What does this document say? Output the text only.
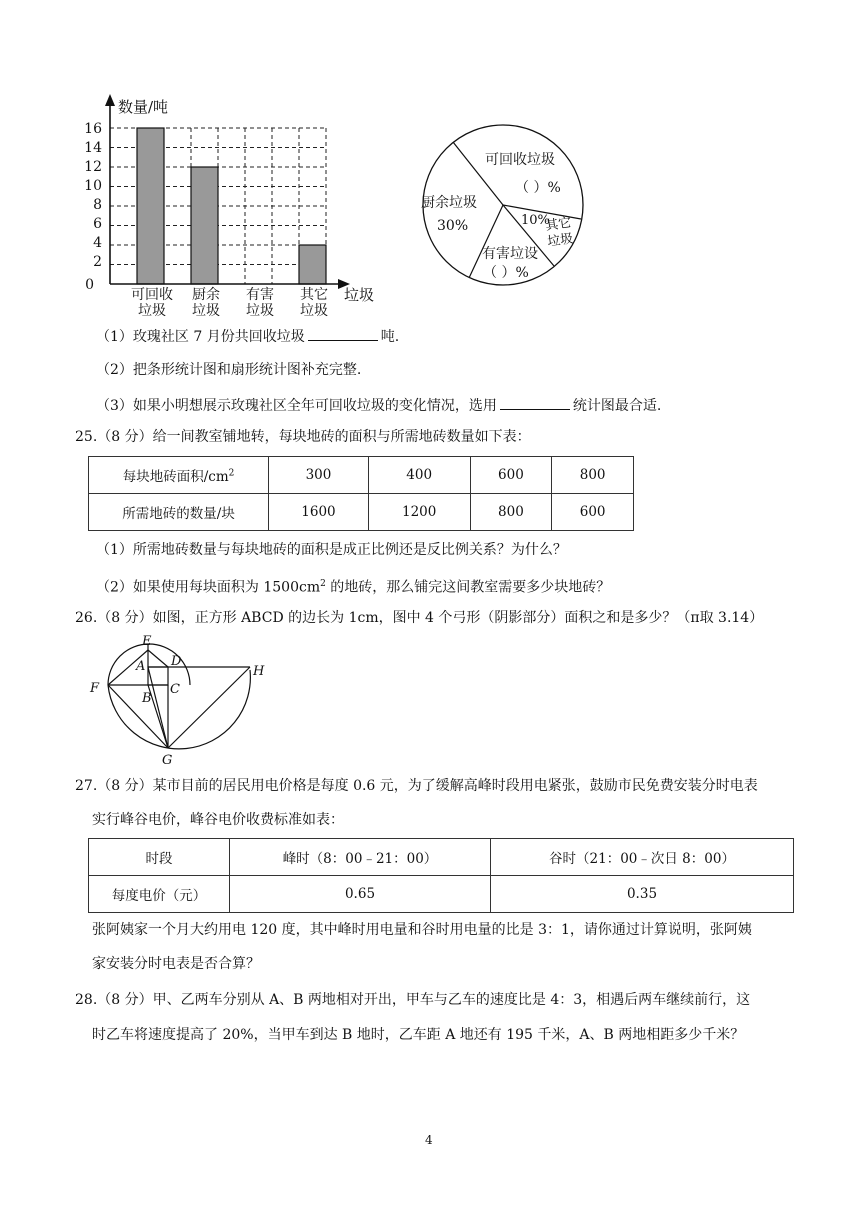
数量/吨
垃圾
16
14
12
10
8
6
4
2
0
可回收
垃圾
厨余
垃圾
有害
垃圾
其它
垃圾
可回收垃圾
（ ）%
厨余垃圾
30%	10%
其它
垃圾
有害垃设
（ ）%
（1）玫瑰社区 7 月份共回收垃圾	吨.
（2）把条形统计图和扇形统计图补充完整.
（3）如果小明想展示玫瑰社区全年可回收垃圾的变化情况，选用	统计图最合适.
25.（8 分）给一间教室铺地转，每块地砖的面积与所需地砖数量如下表：
每块地砖面积$/cm^2$	300	400	600	800
所需地砖的数量/块	1600	1200	800	600
（1）所需地砖数量与每块地砖的面积是成正比例还是反比例关系？为什么？
（2）如果使用每块面积为 $1500cm^2$ 的地砖，那么铺完这间教室需要多少块地砖？
26.（8 分）如图，正方形 ABCD 的边长为 1cm，图中 4 个弓形（阴影部分）面积之和是多少？（π取 3.14）
E
A D
H
F
B
C
G
27.（8 分）某市目前的居民用电价格是每度 0.6 元，为了缓解高峰时段用电紧张，鼓励市民免费安装分时电表
实行峰谷电价，峰谷电价收费标准如表：
时段	峰时（8：00﹣21：00）	谷时（21：00﹣次日 8：00）
每度电价（元）	0.65	0.35
张阿姨家一个月大约用电 120 度，其中峰时用电量和谷时用电量的比是 3：1，请你通过计算说明，张阿姨
家安装分时电表是否合算？
28.（8 分）甲、乙两车分别从 A、B 两地相对开出，甲车与乙车的速度比是 4：3，相遇后两车继续前行，这
时乙车将速度提高了 20%，当甲车到达 B 地时，乙车距 A 地还有 195 千米，A、B 两地相距多少千米？
4
